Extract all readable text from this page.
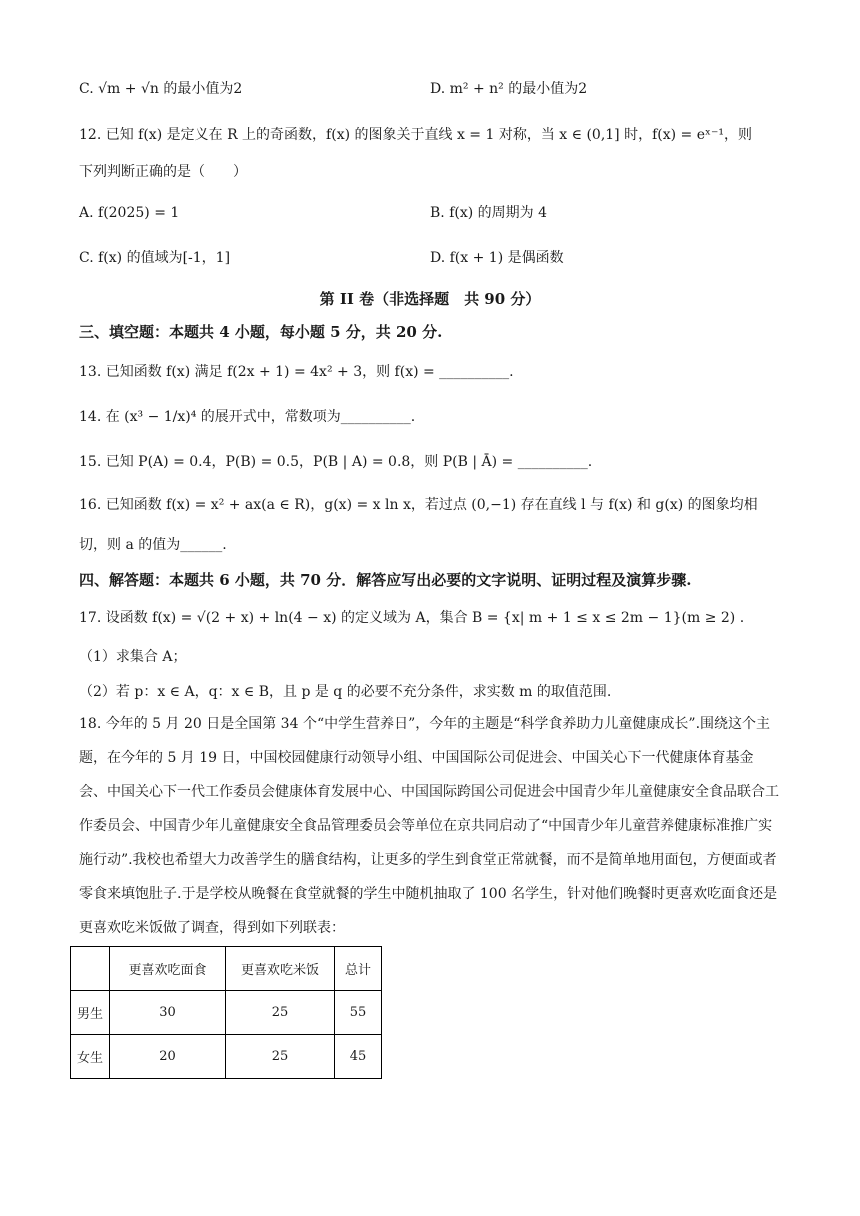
C. √m + √n 的最小值为2	D. m² + n² 的最小值为2
12. 已知 f(x) 是定义在 R 上的奇函数，f(x) 的图象关于直线 x = 1 对称，当 x ∈ (0,1] 时，f(x) = eˣ⁻¹，则
下列判断正确的是（　　）
A. f(2025) = 1	B. f(x) 的周期为 4
C. f(x) 的值域为[-1，1]	D. f(x + 1) 是偶函数
第 II 卷（非选择题　共 90 分）
三、填空题：本题共 4 小题，每小题 5 分，共 20 分.
13. 已知函数 f(x) 满足 f(2x + 1) = 4x² + 3，则 f(x) = __________.
14. 在 (x³ − 1/x)⁴ 的展开式中，常数项为__________.
15. 已知 P(A) = 0.4，P(B) = 0.5，P(B | A) = 0.8，则 P(B | Ā) = __________.
16. 已知函数 f(x) = x² + ax(a ∈ R)，g(x) = x ln x，若过点 (0,−1) 存在直线 l 与 f(x) 和 g(x) 的图象均相
切，则 a 的值为______.
四、解答题：本题共 6 小题，共 70 分．解答应写出必要的文字说明、证明过程及演算步骤.
17. 设函数 f(x) = √(2 + x) + ln(4 − x) 的定义域为 A，集合 B = {x| m + 1 ≤ x ≤ 2m − 1}(m ≥ 2) .
（1）求集合 A；
（2）若 p：x ∈ A，q：x ∈ B，且 p 是 q 的必要不充分条件，求实数 m 的取值范围.
18. 今年的 5 月 20 日是全国第 34 个“中学生营养日”，今年的主题是“科学食养助力儿童健康成长”.围绕这个主题，在今年的 5 月 19 日，中国校园健康行动领导小组、中国国际公司促进会、中国关心下一代健康体育基金会、中国关心下一代工作委员会健康体育发展中心、中国国际跨国公司促进会中国青少年儿童健康安全食品联合工作委员会、中国青少年儿童健康安全食品管理委员会等单位在京共同启动了“中国青少年儿童营养健康标准推广实施行动”.我校也希望大力改善学生的膳食结构，让更多的学生到食堂正常就餐，而不是简单地用面包，方便面或者零食来填饱肚子.于是学校从晚餐在食堂就餐的学生中随机抽取了 100 名学生，针对他们晚餐时更喜欢吃面食还是更喜欢吃米饭做了调查，得到如下列联表：
	更喜欢吃面食	更喜欢吃米饭	总计
男生	30	25	55
女生	20	25	45
